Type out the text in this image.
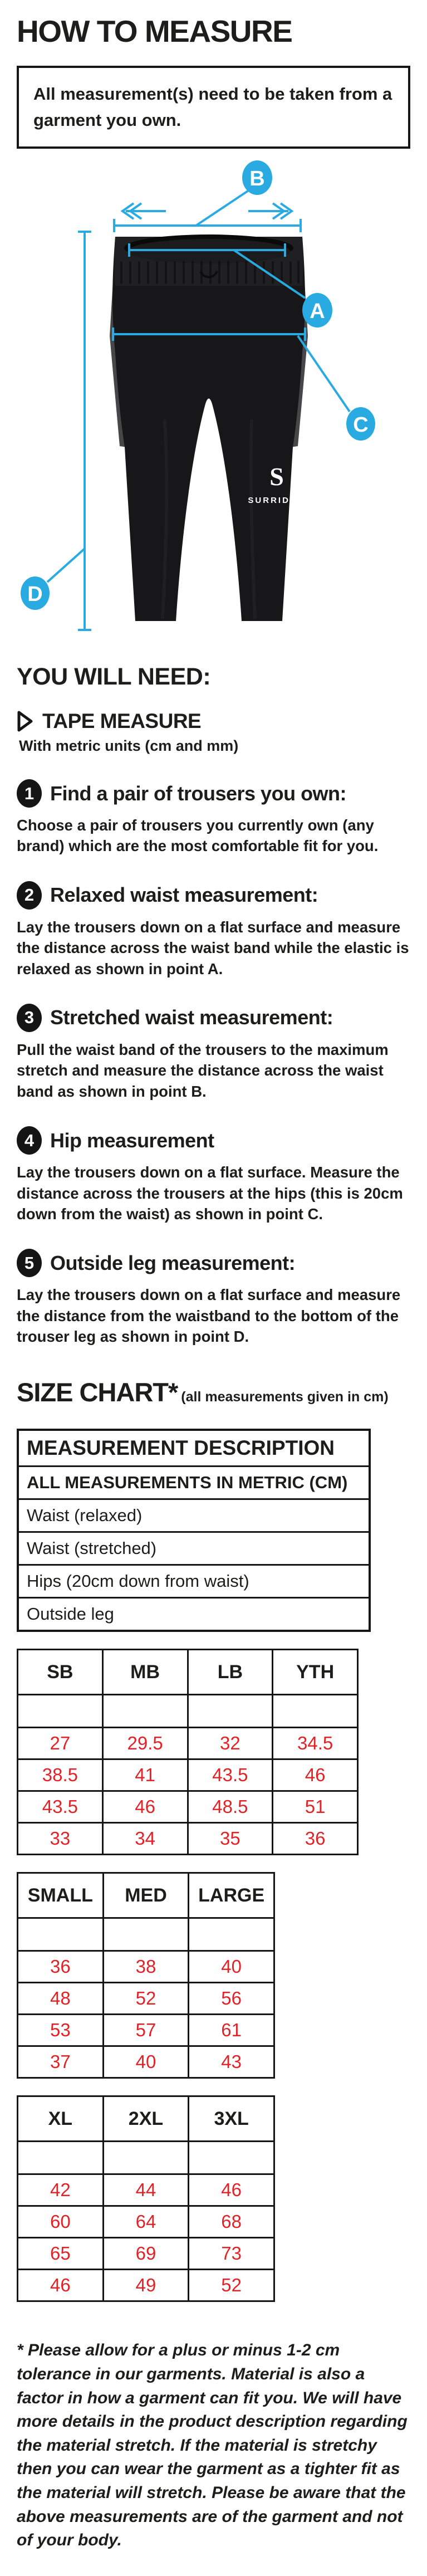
HOW TO MEASURE
All measurement(s) need to be taken from a garment you own.
S
SURRIDGE
B
A
C
D
YOU WILL NEED:
TAPE MEASURE
With metric units (cm and mm)
1 Find a pair of trousers you own:
Choose a pair of trousers you currently own (any brand) which are the most comfortable fit for you.
2 Relaxed waist measurement:
Lay the trousers down on a flat surface and measure the distance across the waist band while the elastic is relaxed as shown in point A.
3 Stretched waist measurement:
Pull the waist band of the trousers to the maximum stretch and measure the distance across the waist band as shown in point B.
4 Hip measurement
Lay the trousers down on a flat surface. Measure the distance across the trousers at the hips (this is 20cm down from the waist) as shown in point C.
5 Outside leg measurement:
Lay the trousers down on a flat surface and measure the distance from the waistband to the bottom of the trouser leg as shown in point D.
SIZE CHART* (all measurements given in cm)
MEASUREMENT DESCRIPTION
ALL MEASUREMENTS IN METRIC (CM)
Waist (relaxed)
Waist (stretched)
Hips (20cm down from waist)
Outside leg
SB	MB	LB	YTH

27	29.5	32	34.5
38.5	41	43.5	46
43.5	46	48.5	51
33	34	35	36
SMALL	MED	LARGE

36	38	40
48	52	56
53	57	61
37	40	43
XL	2XL	3XL

42	44	46
60	64	68
65	69	73
46	49	52

* Please allow for a plus or minus 1-2 cm tolerance in our garments. Material is also a factor in how a garment can fit you. We will have more details in the product description regarding the material stretch. If the material is stretchy then you can wear the garment as a tighter fit as the material will stretch. Please be aware that the above measurements are of the garment and not of your body.
